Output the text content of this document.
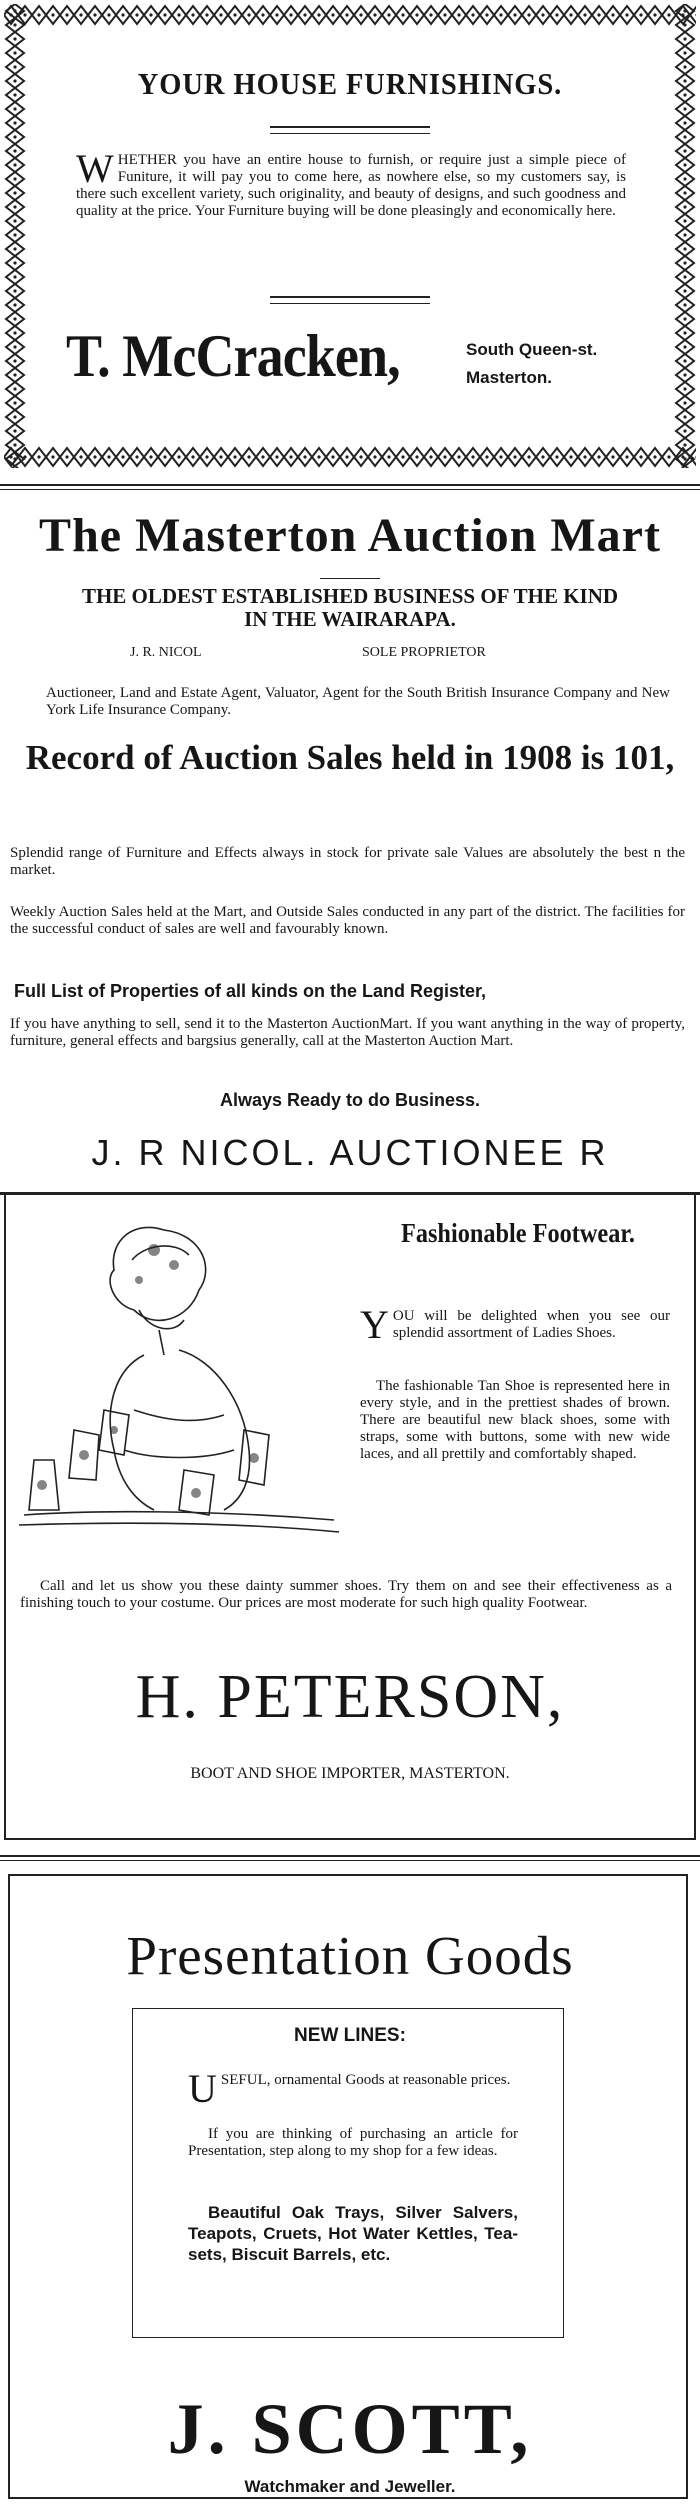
YOUR HOUSE FURNISHINGS.

WHETHER you have an entire house to furnish, or require just a simple piece of Funiture, it will pay you to come here, as nowhere else, so my customers say, is there such excellent variety, such originality, and beauty of designs, and such goodness and quality at the price. Your Furniture buying will be done pleasingly and economically here.

T. McCracken,	South Queen-st.
Masterton.
The Masterton Auction Mart
THE OLDEST ESTABLISHED BUSINESS OF THE KIND
IN THE WAIRARAPA.
J. R. NICOL	SOLE PROPRIETOR

Auctioneer, Land and Estate Agent, Valuator, Agent for the South British Insurance Company and New York Life Insurance Company.

Record of Auction Sales held in 1908 is 101,

Splendid range of Furniture and Effects always in stock for private sale Values are absolutely the best n the market.

Weekly Auction Sales held at the Mart, and Outside Sales conducted in any part of the district. The facilities for the successful conduct of sales are well and favourably known.

Full List of Properties of all kinds on the Land Register,

If you have anything to sell, send it to the Masterton AuctionMart. If you want anything in the way of property, furniture, general effects and bargsius generally, call at the Masterton Auction Mart.

Always Ready to do Business.

J. R NICOL. AUCTIONEE R

Fashionable Footwear.

YOU will be delighted when you see our splendid assortment of Ladies Shoes.

The fashionable Tan Shoe is represented here in every style, and in the prettiest shades of brown. There are beautiful new black shoes, some with straps, some with buttons, some with new wide laces, and all prettily and comfortably shaped.

Call and let us show you these dainty summer shoes. Try them on and see their effectiveness as a finishing touch to your costume. Our prices are most moderate for such high quality Footwear.

H. PETERSON,
BOOT AND SHOE IMPORTER, MASTERTON.
Presentation Goods
NEW LINES:

USEFUL, ornamental Goods at reasonable prices.

If you are thinking of purchasing an article for Presentation, step along to my shop for a few ideas.

Beautiful Oak Trays, Silver Salvers, Teapots, Cruets, Hot Water Kettles, Tea-sets, Biscuit Barrels, etc.

J. SCOTT,
Watchmaker and Jeweller.
